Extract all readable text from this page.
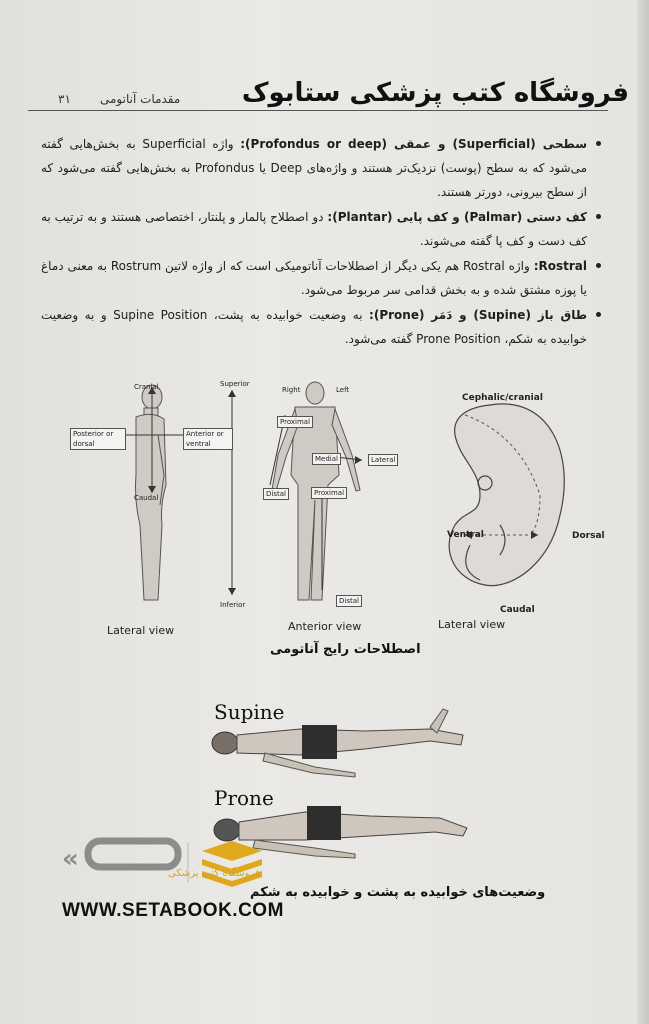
فروشگاه کتب پزشکی ستابوک
مقدمات آناتومی
۳۱
سطحی (Superficial) و عمقی (Profondus or deep): واژه Superficial به بخش‌هایی گفته می‌شود که به سطح (پوست) نزدیک‌تر هستند و واژه‌های Deep یا Profondus به بخش‌هایی گفته می‌شود که از سطح بیرونی، دورتر هستند.
کف دستی (Palmar) و کف پایی (Plantar): دو اصطلاح پالمار و پلنتار، اختصاصی هستند و به ترتیب به کف دست و کف پا گفته می‌شوند.
Rostral: واژه Rostral هم یکی دیگر از اصطلاحات آناتومیکی است که از واژه لاتین Rostrum به معنی دماغ یا پوزه مشتق شده و به بخش قدامی سر مربوط می‌شود.
طاق باز (Supine) و دَمَر (Prone): به وضعیت خوابیده به پشت، Supine Position و به وضعیت خوابیده به شکم، Prone Position گفته می‌شود.
Cranial
Posterior or dorsal
Anterior or ventral
Caudal
Superior
Inferior
Right	Left
Proximal
Medial	Lateral
Distal	Proximal
Distal
Cephalic/cranial
Ventral	Dorsal
Caudal
Lateral view	Anterior view	Lateral view
اصطلاحات رایج آناتومی
Supine
Prone
وضعیت‌های خوابیده به پشت و خوابیده به شکم
«	فروشگاه کتب پزشکی
WWW.SETABOOK.COM
